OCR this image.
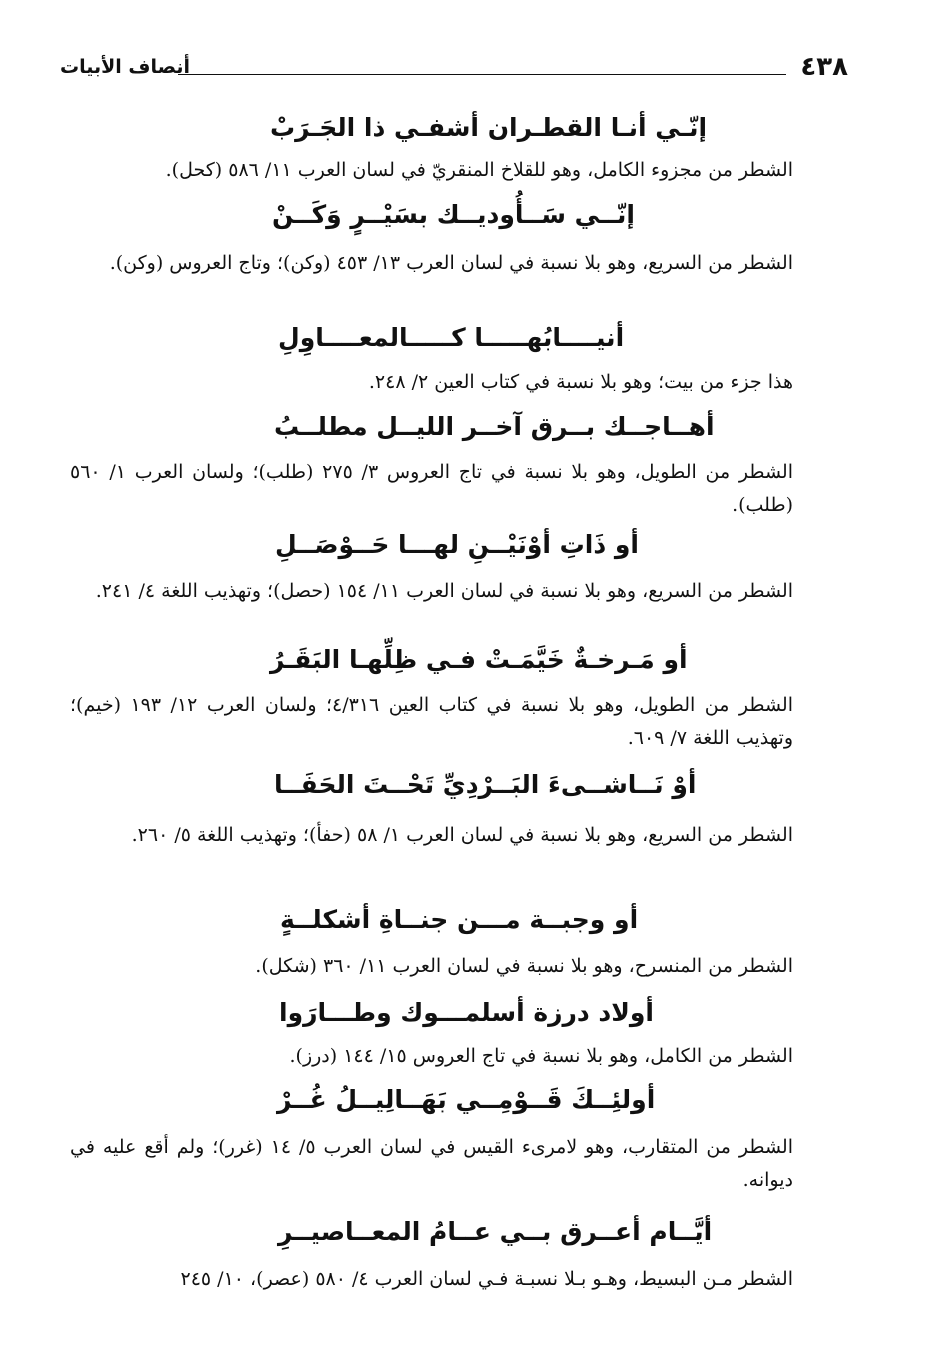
٤٣٨
أنصاف الأبيات
إنّـي أنـا القطـران أشفـي ذا الجَـرَبْ
الشطر من مجزوء الكامل، وهو للقلاخ المنقريّ في لسان العرب ١١/ ٥٨٦ (كحل).
إنّــي سَــأُوديــك بسَيْــرٍ وَكَــنْ
الشطر من السريع، وهو بلا نسبة في لسان العرب ١٣/ ٤٥٣ (وكن)؛ وتاج العروس (وكن).
أنيــــابُهـــــا كـــــالمعــــاوِلِ
هذا جزء من بيت؛ وهو بلا نسبة في كتاب العين ٢/ ٢٤٨.
أهــاجــك بــرق آخــر الليــل مطلــبُ
الشطر من الطويل، وهو بلا نسبة في تاج العروس ٣/ ٢٧٥ (طلب)؛ ولسان العرب ١/ ٥٦٠ (طلب).
أو ذَاتِ أوْنَيْــنِ لهـــا حَــوْصَــلِ
الشطر من السريع، وهو بلا نسبة في لسان العرب ١١/ ١٥٤ (حصل)؛ وتهذيب اللغة ٤/ ٢٤١.
أو مَـرخـةٌ خَيَّمَـتْ فـي ظِلِّهـا البَقَـرُ
الشطر من الطويل، وهو بلا نسبة في كتاب العين ٤/٣١٦؛ ولسان العرب ١٢/ ١٩٣ (خيم)؛ وتهذيب اللغة ٧/ ٦٠٩.
أوْ نَــاشــىءَ البَــرْدِيِّ تَحْــتَ الحَفَــا
الشطر من السريع، وهو بلا نسبة في لسان العرب ١/ ٥٨ (حفأ)؛ وتهذيب اللغة ٥/ ٢٦٠.
أو وجبــة مـــن جنــاةِ أشكلــةٍ
الشطر من المنسرح، وهو بلا نسبة في لسان العرب ١١/ ٣٦٠ (شكل).
أولاد درزة أسلمـــوك وطـــارَوا
الشطر من الكامل، وهو بلا نسبة في تاج العروس ١٥/ ١٤٤ (درز).
أولئِــكَ قَــوْمِــي بَهَــالِيــلُ غُــرْ
الشطر من المتقارب، وهو لامرىء القيس في لسان العرب ٥/ ١٤ (غرر)؛ ولم أقع عليه في ديوانه.
أيَّــام أعــرق بــي عــامُ المعــاصيــرِ
الشطر مـن البسيط، وهـو بـلا نسبـة فـي لسان العرب ٤/ ٥٨٠ (عصر)، ١٠/ ٢٤٥
